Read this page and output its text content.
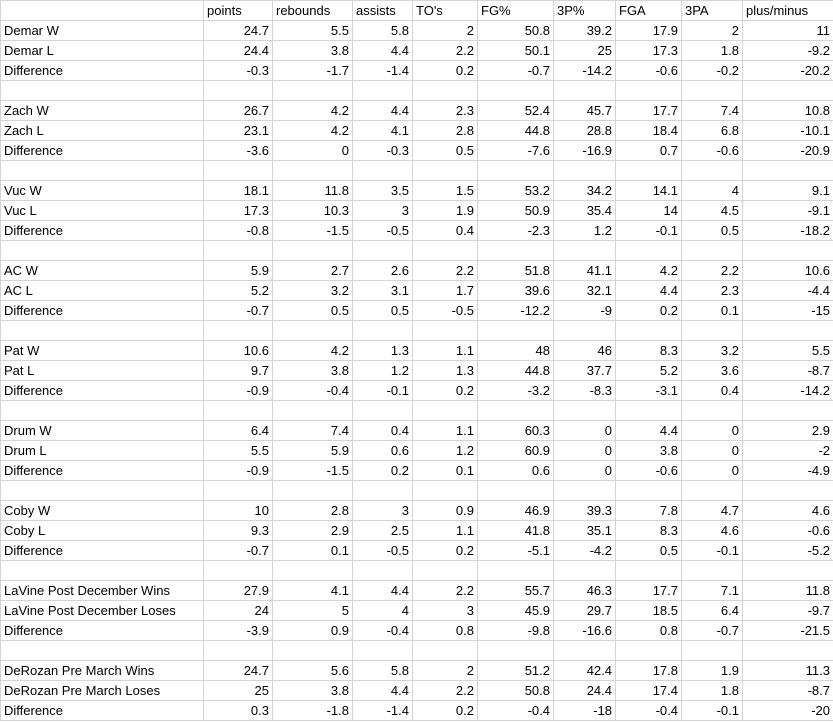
	points	rebounds	assists	TO's	FG%	3P%	FGA	3PA	plus/minus
Demar W	24.7	5.5	5.8	2	50.8	39.2	17.9	2	11
Demar L	24.4	3.8	4.4	2.2	50.1	25	17.3	1.8	-9.2
Difference	-0.3	-1.7	-1.4	0.2	-0.7	-14.2	-0.6	-0.2	-20.2

Zach W	26.7	4.2	4.4	2.3	52.4	45.7	17.7	7.4	10.8
Zach L	23.1	4.2	4.1	2.8	44.8	28.8	18.4	6.8	-10.1
Difference	-3.6	0	-0.3	0.5	-7.6	-16.9	0.7	-0.6	-20.9

Vuc W	18.1	11.8	3.5	1.5	53.2	34.2	14.1	4	9.1
Vuc L	17.3	10.3	3	1.9	50.9	35.4	14	4.5	-9.1
Difference	-0.8	-1.5	-0.5	0.4	-2.3	1.2	-0.1	0.5	-18.2

AC W	5.9	2.7	2.6	2.2	51.8	41.1	4.2	2.2	10.6
AC L	5.2	3.2	3.1	1.7	39.6	32.1	4.4	2.3	-4.4
Difference	-0.7	0.5	0.5	-0.5	-12.2	-9	0.2	0.1	-15

Pat W	10.6	4.2	1.3	1.1	48	46	8.3	3.2	5.5
Pat L	9.7	3.8	1.2	1.3	44.8	37.7	5.2	3.6	-8.7
Difference	-0.9	-0.4	-0.1	0.2	-3.2	-8.3	-3.1	0.4	-14.2

Drum W	6.4	7.4	0.4	1.1	60.3	0	4.4	0	2.9
Drum L	5.5	5.9	0.6	1.2	60.9	0	3.8	0	-2
Difference	-0.9	-1.5	0.2	0.1	0.6	0	-0.6	0	-4.9

Coby W	10	2.8	3	0.9	46.9	39.3	7.8	4.7	4.6
Coby L	9.3	2.9	2.5	1.1	41.8	35.1	8.3	4.6	-0.6
Difference	-0.7	0.1	-0.5	0.2	-5.1	-4.2	0.5	-0.1	-5.2

LaVine Post December Wins	27.9	4.1	4.4	2.2	55.7	46.3	17.7	7.1	11.8
LaVine Post December Loses	24	5	4	3	45.9	29.7	18.5	6.4	-9.7
Difference	-3.9	0.9	-0.4	0.8	-9.8	-16.6	0.8	-0.7	-21.5

DeRozan Pre March Wins	24.7	5.6	5.8	2	51.2	42.4	17.8	1.9	11.3
DeRozan Pre March Loses	25	3.8	4.4	2.2	50.8	24.4	17.4	1.8	-8.7
Difference	0.3	-1.8	-1.4	0.2	-0.4	-18	-0.4	-0.1	-20
